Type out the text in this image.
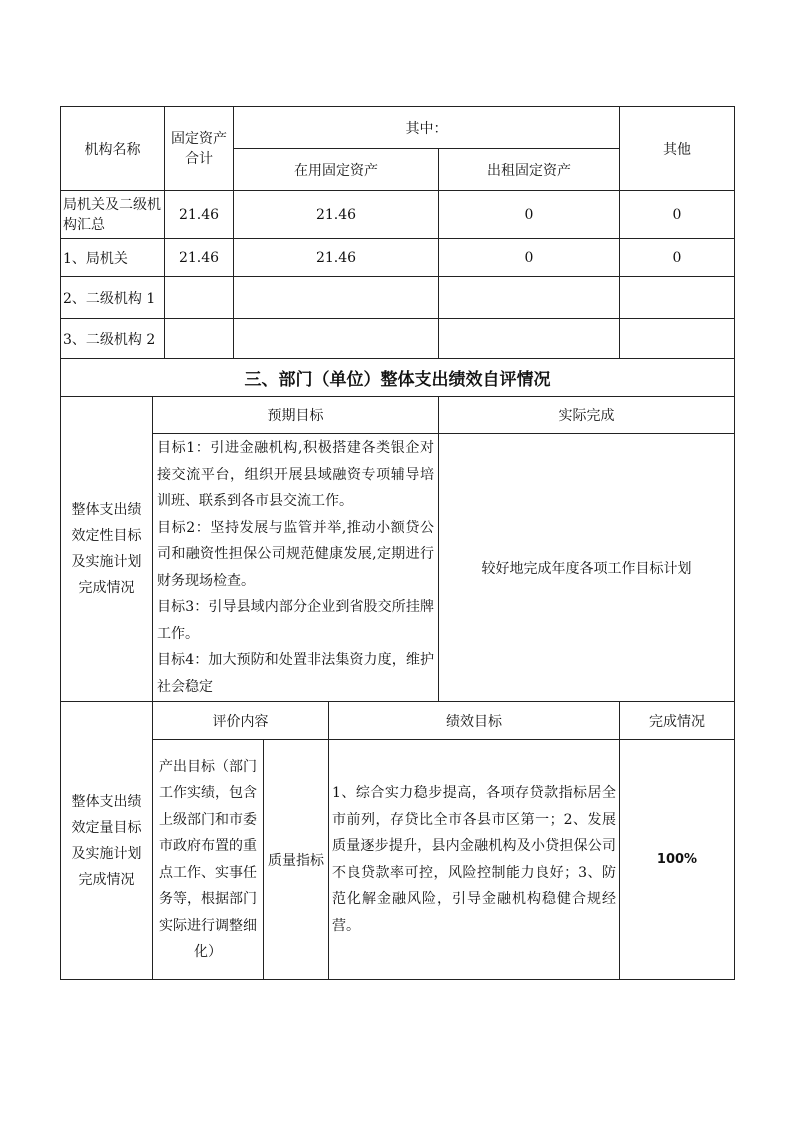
机构名称		固定资产合计	其中：				其他
			在用固定资产			出租固定资产	
局机关及二级机构汇总		21.46	21.46			0	0
1、局机关		21.46	21.46			0	0
2、二级机构 1							
3、二级机构 2							
三、部门（单位）整体支出绩效自评情况							
整体支出绩效定性目标及实施计划完成情况	预期目标					实际完成	

	目标1：引进金融机构,积极搭建各类银企对接交流平台，组织开展县域融资专项辅导培训班、联系到各市县交流工作。

目标2：坚持发展与监管并举,推动小额贷公司和融资性担保公司规范健康发展,定期进行财务现场检查。

目标3：引导县域内部分企业到省股交所挂牌工作。

目标4：加大预防和处置非法集资力度，维护社会稳定					较好地完成年度各项工作目标计划	
整体支出绩效定量目标及实施计划完成情况	评价内容				绩效目标		完成情况
	产出目标（部门工作实绩，包含上级部门和市委市政府布置的重点工作、实事任务等，根据部门实际进行调整细化）			质量指标	1、综合实力稳步提高，各项存贷款指标居全市前列，存贷比全市各县市区第一；2、发展质量逐步提升，县内金融机构及小贷担保公司不良贷款率可控，风险控制能力良好；3、防范化解金融风险，引导金融机构稳健合规经营。		100%
